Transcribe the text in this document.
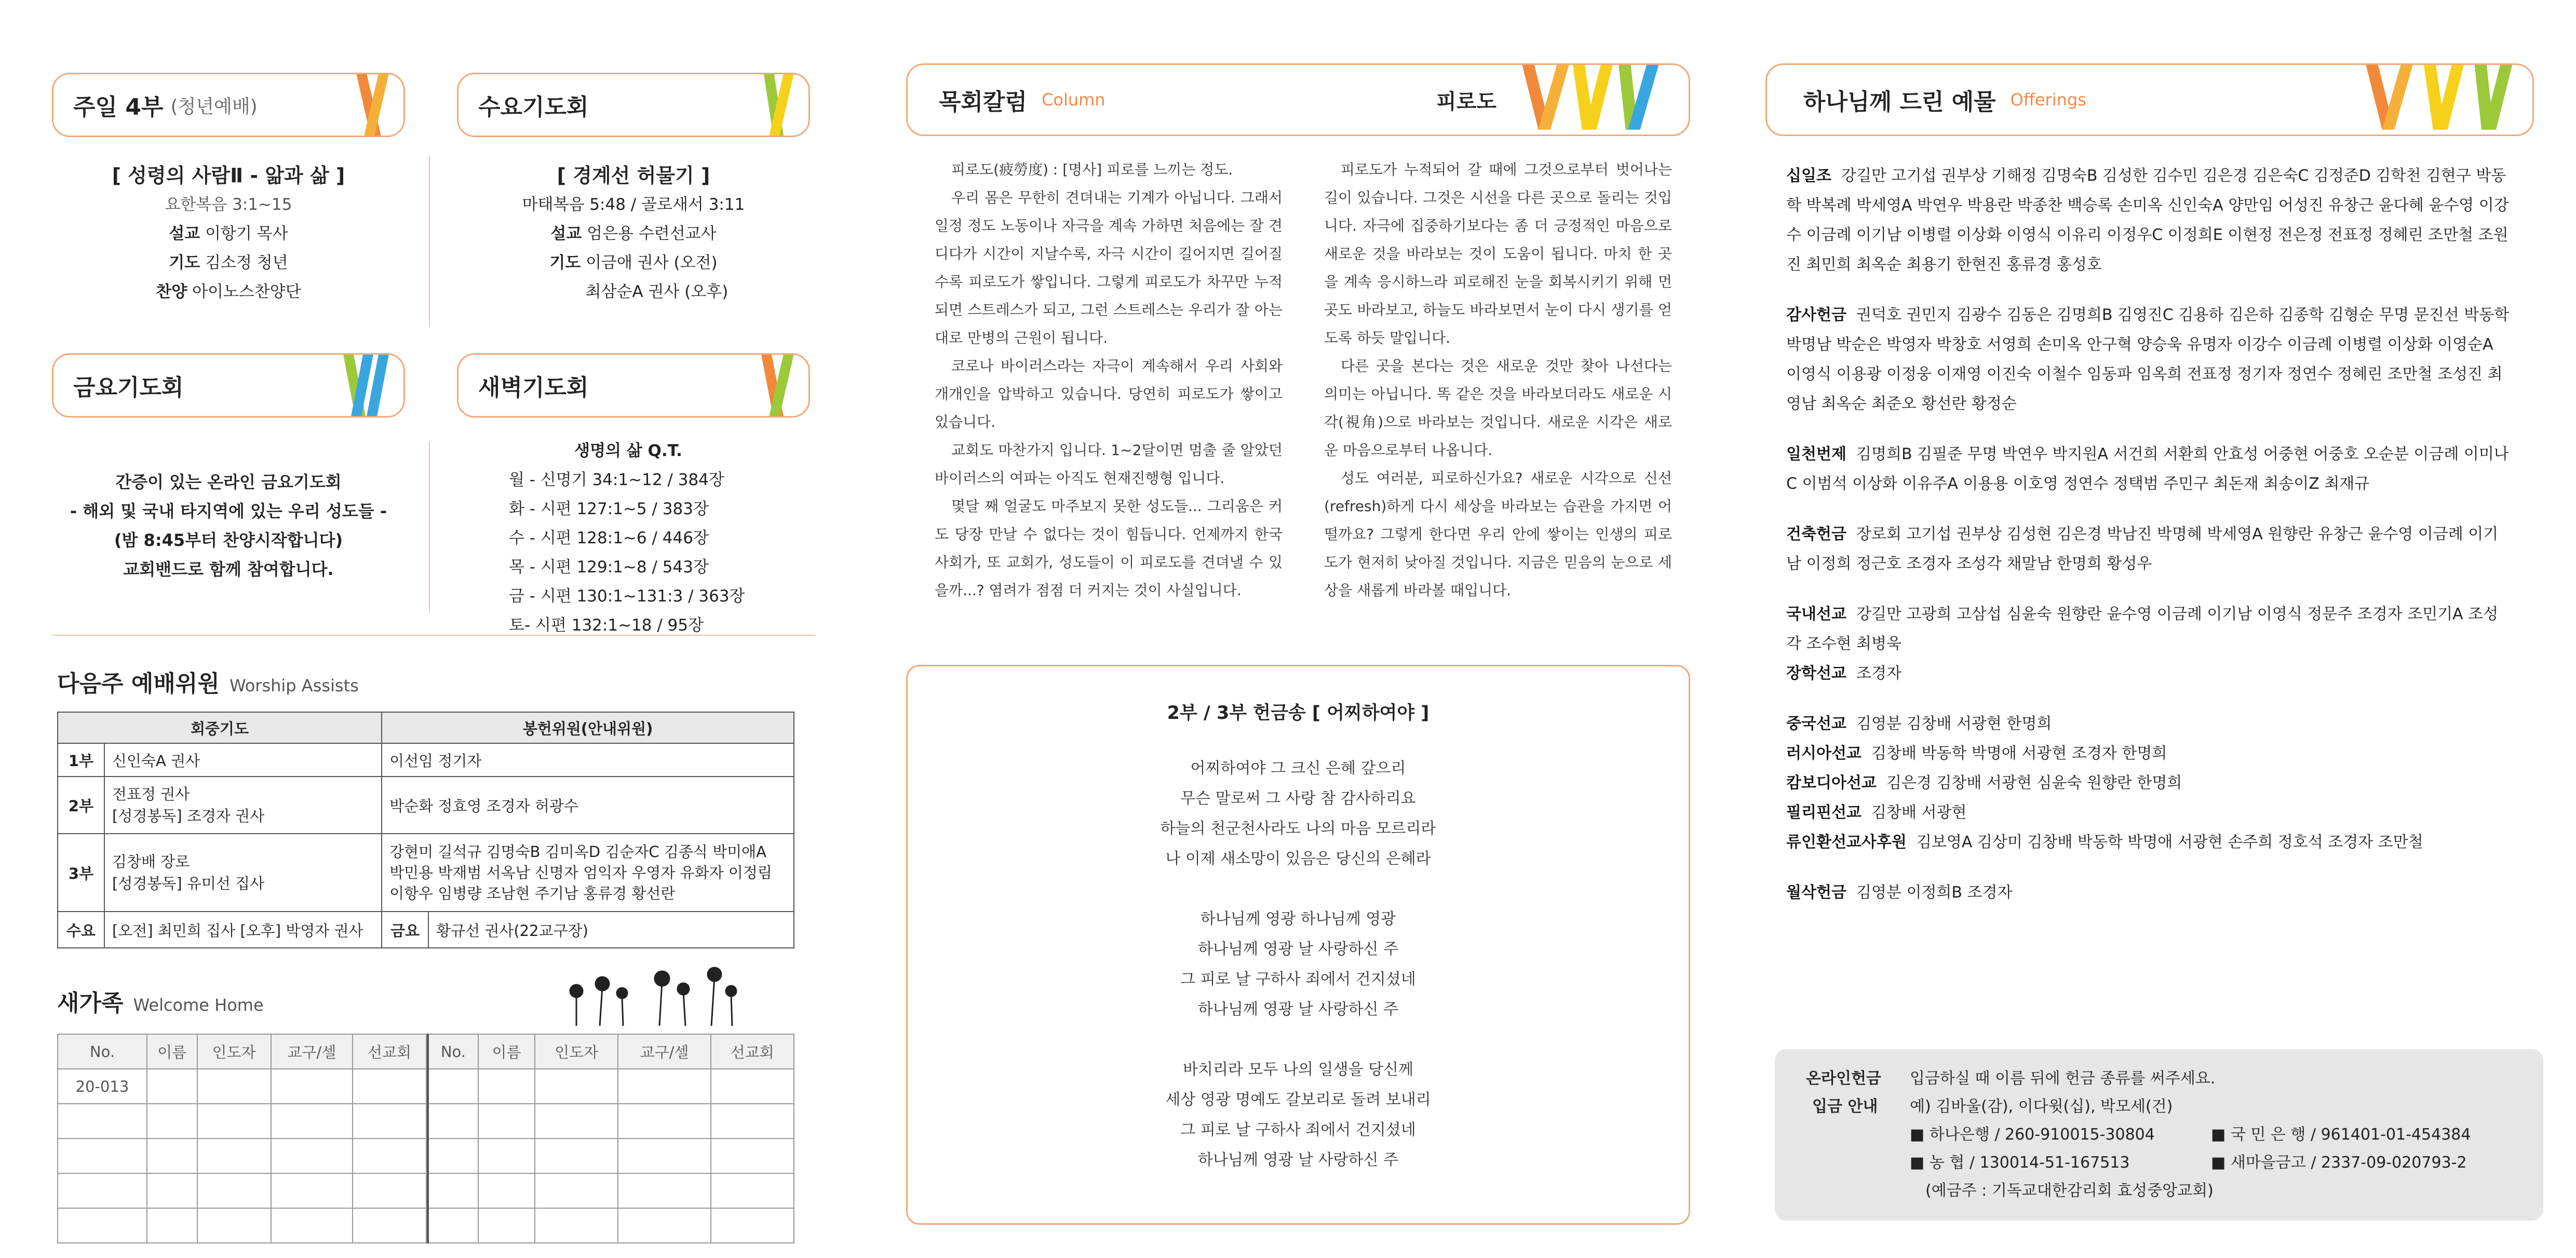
주일 4부 (청년예배)	수요기도회
[ 성령의 사람Ⅱ - 앎과 삶 ]
요한복음 3:1~15
설교 이항기 목사
기도 김소정 청년
찬양 아이노스찬양단
[ 경계선 허물기 ]
마태복음 5:48 / 골로새서 3:11
설교 엄은용 수련선교사
기도 이금애 권사 (오전)
최삼순A 권사 (오후)
금요기도회	새벽기도회
간증이 있는 온라인 금요기도회
- 해외 및 국내 타지역에 있는 우리 성도들 -
(밤 8:45부터 찬양시작합니다)
교회밴드로 함께 참여합니다.
생명의 삶 Q.T.
월 - 신명기 34:1~12 / 384장
화 - 시편 127:1~5 / 383장
수 - 시편 128:1~6 / 446장
목 - 시편 129:1~8 / 543장
금 - 시편 130:1~131:3 / 363장
토- 시편 132:1~18 / 95장
다음주 예배위원 Worship Assists
회중기도		봉헌위원(안내위원)	
1부	신인숙A 권사	이선임 정기자	
2부	전표정 권사
[성경봉독] 조경자 권사	박순화 정효영 조경자 허광수	
3부	김창배 장로
[성경봉독] 유미선 집사	강현미 길석규 김명숙B 김미옥D 김순자C 김종식 박미애A
박민용 박재범 서옥남 신명자 엄익자 우영자 유화자 이정림
이항우 임병량 조남현 주기남 홍류경 황선란	
수요	[오전] 최민희 집사 [오후] 박영자 권사	금요	황규선 권사(22교구장)
새가족 Welcome Home
No.	이름	인도자	교구/셀	선교회
20-013				

No.	이름	인도자	교구/셀	선교회

목회칼럼 Column	피로도

피로도(疲勞度) : [명사] 피로를 느끼는 정도.

우리 몸은 무한히 견뎌내는 기계가 아닙니다. 그래서 일정 정도 노동이나 자극을 계속 가하면 처음에는 잘 견디다가 시간이 지날수록, 자극 시간이 길어지면 길어질수록 피로도가 쌓입니다. 그렇게 피로도가 차꾸만 누적되면 스트레스가 되고, 그런 스트레스는 우리가 잘 아는대로 만병의 근원이 됩니다.

코로나 바이러스라는 자극이 계속해서 우리 사회와 개개인을 압박하고 있습니다. 당연히 피로도가 쌓이고 있습니다.

교회도 마찬가지 입니다. 1~2달이면 멈출 줄 알았던 바이러스의 여파는 아직도 현재진행형 입니다.

몇달 째 얼굴도 마주보지 못한 성도들... 그리움은 커도 당장 만날 수 없다는 것이 힘듭니다. 언제까지 한국사회가, 또 교회가, 성도들이 이 피로도를 견뎌낼 수 있을까...? 염려가 점점 더 커지는 것이 사실입니다.

피로도가 누적되어 갈 때에 그것으로부터 벗어나는 길이 있습니다. 그것은 시선을 다른 곳으로 돌리는 것입니다. 자극에 집중하기보다는 좀 더 긍정적인 마음으로 새로운 것을 바라보는 것이 도움이 됩니다. 마치 한 곳을 계속 응시하느라 피로해진 눈을 회복시키기 위해 먼 곳도 바라보고, 하늘도 바라보면서 눈이 다시 생기를 얻도록 하듯 말입니다.

다른 곳을 본다는 것은 새로운 것만 찾아 나선다는 의미는 아닙니다. 똑 같은 것을 바라보더라도 새로운 시각(視角)으로 바라보는 것입니다. 새로운 시각은 새로운 마음으로부터 나옵니다.

성도 여러분, 피로하신가요? 새로운 시각으로 신선(refresh)하게 다시 세상을 바라보는 습관을 가지면 어떨까요? 그렇게 한다면 우리 안에 쌓이는 인생의 피로도가 현저히 낮아질 것입니다. 지금은 믿음의 눈으로 세상을 새롭게 바라볼 때입니다.

2부 / 3부 헌금송 [ 어찌하여야 ]
어찌하여야 그 크신 은혜 갚으리
무슨 말로써 그 사랑 참 감사하리요
하늘의 천군천사라도 나의 마음 모르리라
나 이제 새소망이 있음은 당신의 은혜라
하나님께 영광 하나님께 영광
하나님께 영광 날 사랑하신 주
그 피로 날 구하사 죄에서 건지셨네
하나님께 영광 날 사랑하신 주
바치리라 모두 나의 일생을 당신께
세상 영광 명예도 갈보리로 돌려 보내리
그 피로 날 구하사 죄에서 건지셨네
하나님께 영광 날 사랑하신 주
하나님께 드린 예물 Offerings

십일조 강길만 고기섭 권부상 기해정 김명숙B 김성한 김수민 김은경 김은숙C 김정준D 김학천 김현구 박동학 박복례 박세영A 박연우 박용란 박종찬 백승록 손미옥 신인숙A 양만임 어성진 유창근 윤다혜 윤수영 이강수 이금례 이기남 이병렬 이상화 이영식 이유리 이정우C 이정희E 이현정 전은정 전표정 정혜린 조만철 조원진 최민희 최옥순 최용기 한현진 홍류경 홍성호

감사헌금 권덕호 권민지 김광수 김동은 김명희B 김영진C 김용하 김은하 김종학 김형순 무명 문진선 박동학 박명남 박순은 박영자 박창호 서영희 손미옥 안구혁 양승욱 유명자 이강수 이금례 이병렬 이상화 이영순A 이영식 이용광 이정웅 이재영 이진숙 이철수 임동파 임옥희 전표정 정기자 정연수 정혜린 조만철 조성진 최영남 최옥순 최준오 황선란 황정순

일천번제 김명희B 김필준 무명 박연우 박지원A 서건희 서환희 안효성 어중현 어중호 오순분 이금례 이미나C 이범석 이상화 이유주A 이용용 이호영 정연수 정택범 주민구 최돈재 최송이Z 최재규

건축헌금 장로회 고기섭 권부상 김성현 김은경 박남진 박명혜 박세영A 원향란 유창근 윤수영 이금례 이기남 이정희 정근호 조경자 조성각 채말남 한명희 황성우

국내선교 강길만 고광희 고삼섭 심윤숙 원향란 윤수영 이금례 이기남 이영식 정문주 조경자 조민기A 조성각 조수현 최병욱

장학선교 조경자

중국선교 김영분 김창배 서광현 한명희

러시아선교 김창배 박동학 박명애 서광현 조경자 한명희

캄보디아선교 김은경 김창배 서광현 심윤숙 원향란 한명희

필리핀선교 김창배 서광현

류인환선교사후원 김보영A 김상미 김창배 박동학 박명애 서광현 손주희 정호석 조경자 조만철

월삭헌금 김영분 이정희B 조경자

온라인헌금
입금 안내
입금하실 때 이름 뒤에 헌금 종류를 써주세요.
예) 김바울(감), 이다윗(십), 박모세(건)
■ 하나은행 / 260-910015-30804	■ 국 민 은 행 / 961401-01-454384
■ 농 협 / 130014-51-167513	■ 새마을금고 / 2337-09-020793-2
(예금주 : 기독교대한감리회 효성중앙교회)
